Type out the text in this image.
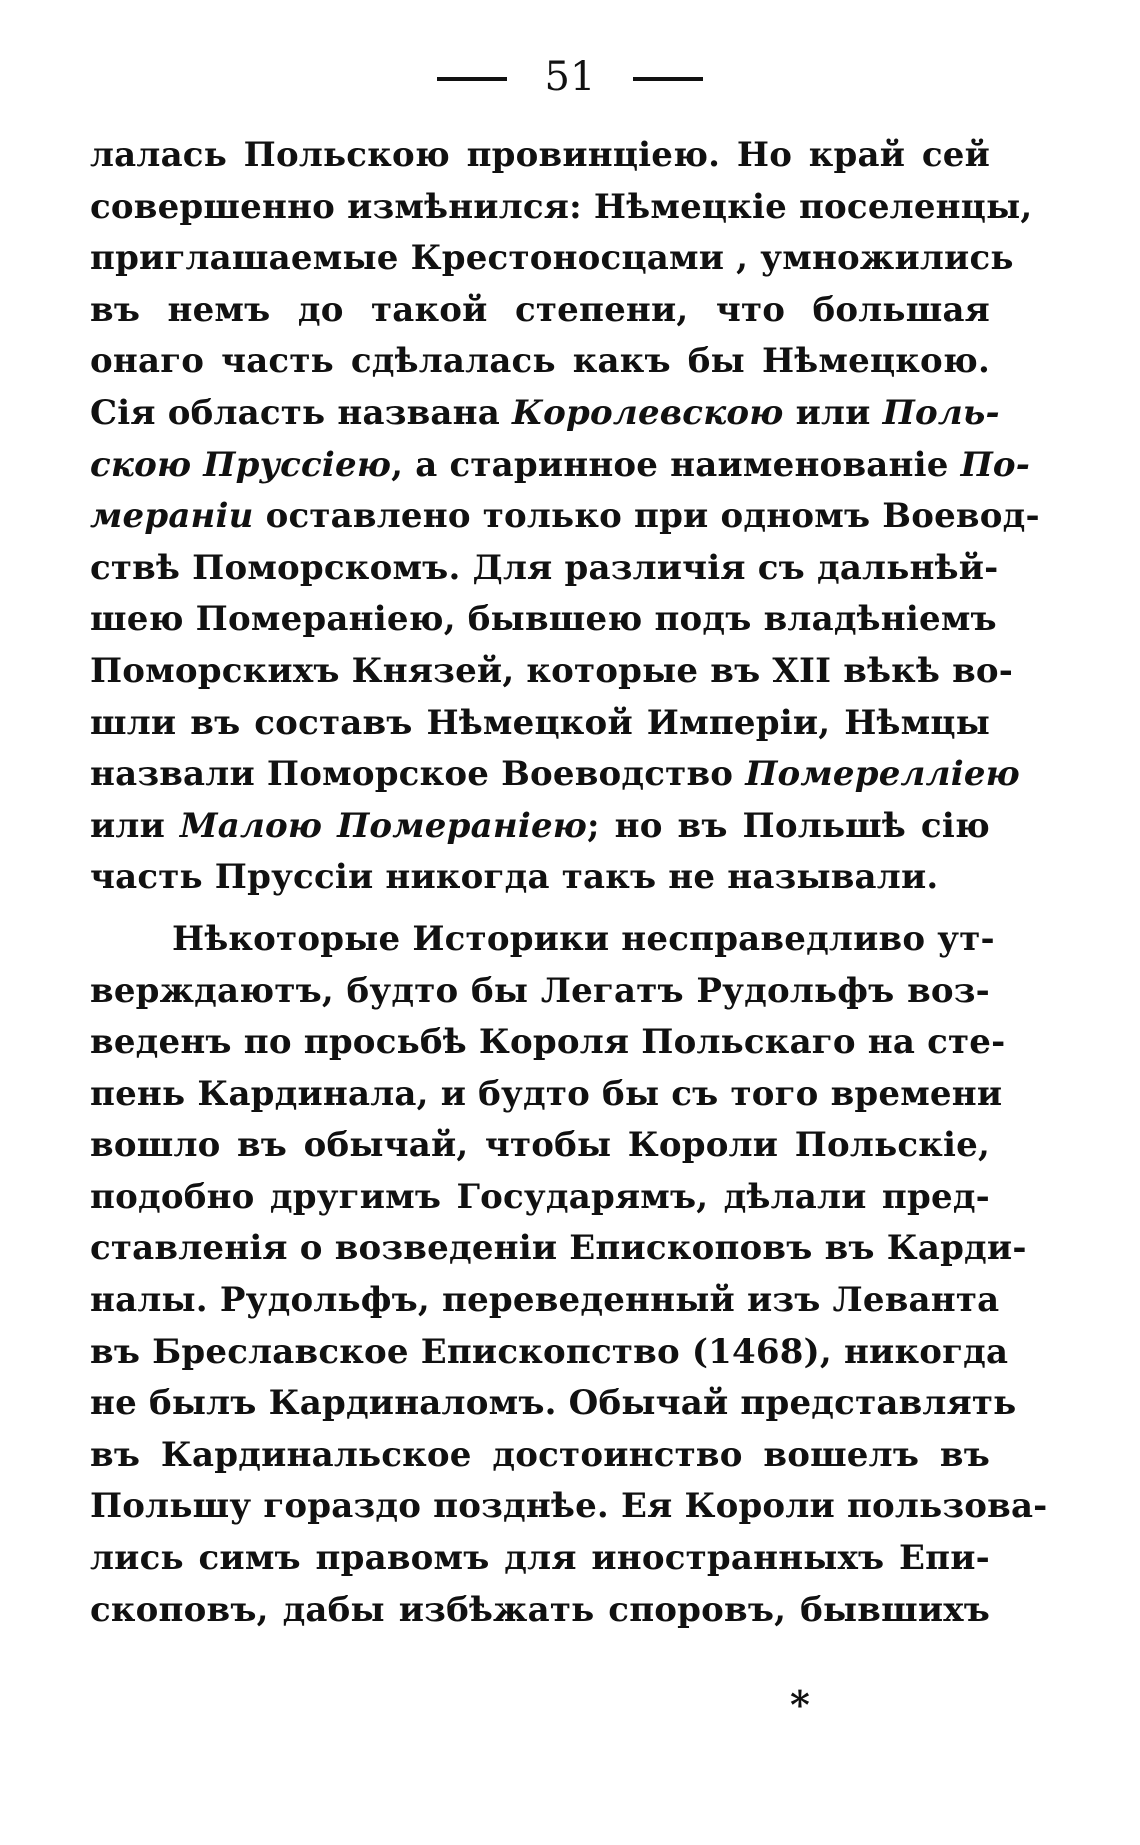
51
лалась Польскою провинціею. Но край сей
совершенно измѣнился: Нѣмецкіе поселенцы,
приглашаемые Крестоносцами , умножились
въ немъ до такой степени, что большая
онаго часть сдѣлалась какъ бы Нѣмецкою.
Сія область названа Королевскою или Поль-
скою Пруссіею, а старинное наименованіе По-
мераніи оставлено только при одномъ Воевод-
ствѣ Поморскомъ. Для различія съ дальнѣй-
шею Помераніею, бывшею подъ владѣніемъ
Поморскихъ Князей, которые въ XII вѣкѣ во-
шли въ составъ Нѣмецкой Имперіи, Нѣмцы
назвали Поморское Воеводство Померелліею
или Малою Помераніею; но въ Польшѣ сію
часть Пруссіи никогда такъ не называли.
Нѣкоторые Историки несправедливо ут-
верждаютъ, будто бы Легатъ Рудольфъ воз-
веденъ по просьбѣ Короля Польскаго на сте-
пень Кардинала, и будто бы съ того времени
вошло въ обычай, чтобы Короли Польскіе,
подобно другимъ Государямъ, дѣлали пред-
ставленія о возведеніи Епископовъ въ Карди-
налы. Рудольфъ, переведенный изъ Леванта
въ Бреславское Епископство (1468), никогда
не былъ Кардиналомъ. Обычай представлять
въ Кардинальское достоинство вошелъ въ
Польшу гораздо позднѣе. Ея Короли пользова-
лись симъ правомъ для иностранныхъ Епи-
скоповъ, дабы избѣжать споровъ, бывшихъ
*
